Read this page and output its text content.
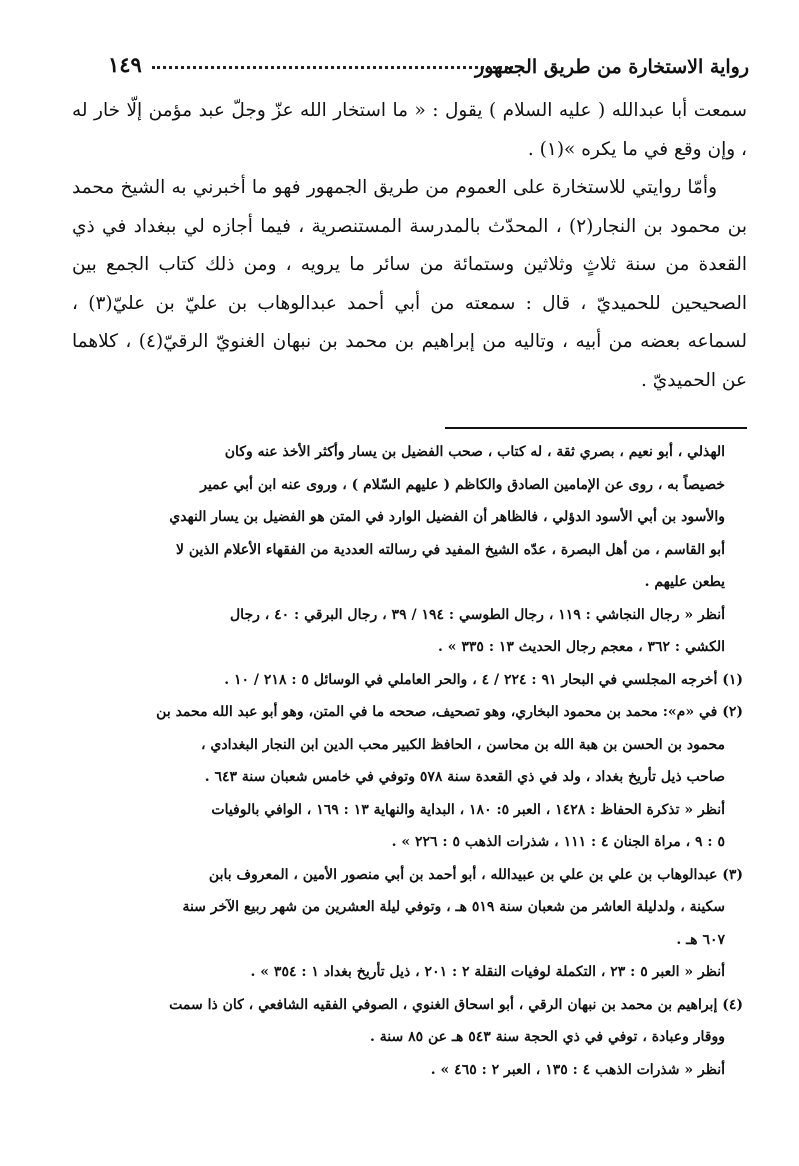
رواية الاستخارة من طريق الجمهور
١٤٩

سمعت أبا عبدالله ( عليه السلام ) يقول : « ما استخار الله عزّ وجلّ عبد مؤمن إلّا خار له ، وإن وقع في ما يكره »(١) .

وأمّا روايتي للاستخارة على العموم من طريق الجمهور فهو ما أخبرني به الشيخ محمد بن محمود بن النجار(٢) ، المحدّث بالمدرسة المستنصرية ، فيما أجازه لي ببغداد في ذي القعدة من سنة ثلاثٍ وثلاثين وستمائة من سائر ما يرويه ، ومن ذلك كتاب الجمع بين الصحيحين للحميديّ ، قال : سمعته من أبي أحمد عبدالوهاب بن عليّ بن عليّ(٣) ، لسماعه بعضه من أبيه ، وتاليه من إبراهيم بن محمد بن نبهان الغنويّ الرقيّ(٤) ، كلاهما عن الحميديّ .

الهذلي ، أبو نعيم ، بصري ثقة ، له كتاب ، صحب الفضيل بن يسار وأكثر الأخذ عنه وكان
خصيصاً به ، روى عن الإمامين الصادق والكاظم ( عليهم السّلام ) ، وروى عنه ابن أبي عمير
والأسود بن أبي الأسود الدؤلي ، فالظاهر أن الفضيل الوارد في المتن هو الفضيل بن يسار النهدي
أبو القاسم ، من أهل البصرة ، عدّه الشيخ المفيد في رسالته العددية من الفقهاء الأعلام الذين لا
يطعن عليهم .
أنظر « رجال النجاشي : ١١٩ ، رجال الطوسي : ١٩٤ / ٣٩ ، رجال البرقي : ٤٠ ، رجال
الكشي : ٣٦٢ ، معجم رجال الحديث ١٣ : ٣٣٥ » .
(١) أخرجه المجلسي في البحار ٩١ : ٢٢٤ / ٤ ، والحر العاملي في الوسائل ٥ : ٢١٨ / ١٠ .
(٢) في «م»: محمد بن محمود البخاري، وهو تصحيف، صححه ما في المتن، وهو أبو عبد الله محمد بن
محمود بن الحسن بن هبة الله بن محاسن ، الحافظ الكبير محب الدين ابن النجار البغدادي ،
صاحب ذيل تأريخ بغداد ، ولد في ذي القعدة سنة ٥٧٨ وتوفي في خامس شعبان سنة ٦٤٣ .
أنظر « تذكرة الحفاظ : ١٤٢٨ ، العبر ٥: ١٨٠ ، البداية والنهاية ١٣ : ١٦٩ ، الوافي بالوفيات
٥ : ٩ ، مراة الجنان ٤ : ١١١ ، شذرات الذهب ٥ : ٢٢٦ » .
(٣) عبدالوهاب بن علي بن علي بن عبيدالله ، أبو أحمد بن أبي منصور الأمين ، المعروف بابن
سكينة ، ولدليلة العاشر من شعبان سنة ٥١٩ هـ ، وتوفي ليلة العشرين من شهر ربيع الآخر سنة
٦٠٧ هـ .
أنظر « العبر ٥ : ٢٣ ، التكملة لوفيات النقلة ٢ : ٢٠١ ، ذيل تأريخ بغداد ١ : ٣٥٤ » .
(٤) إبراهيم بن محمد بن نبهان الرقي ، أبو اسحاق الغنوي ، الصوفي الفقيه الشافعي ، كان ذا سمت
ووقار وعبادة ، توفي في ذي الحجة سنة ٥٤٣ هـ عن ٨٥ سنة .
أنظر « شذرات الذهب ٤ : ١٣٥ ، العبر ٢ : ٤٦٥ » .
